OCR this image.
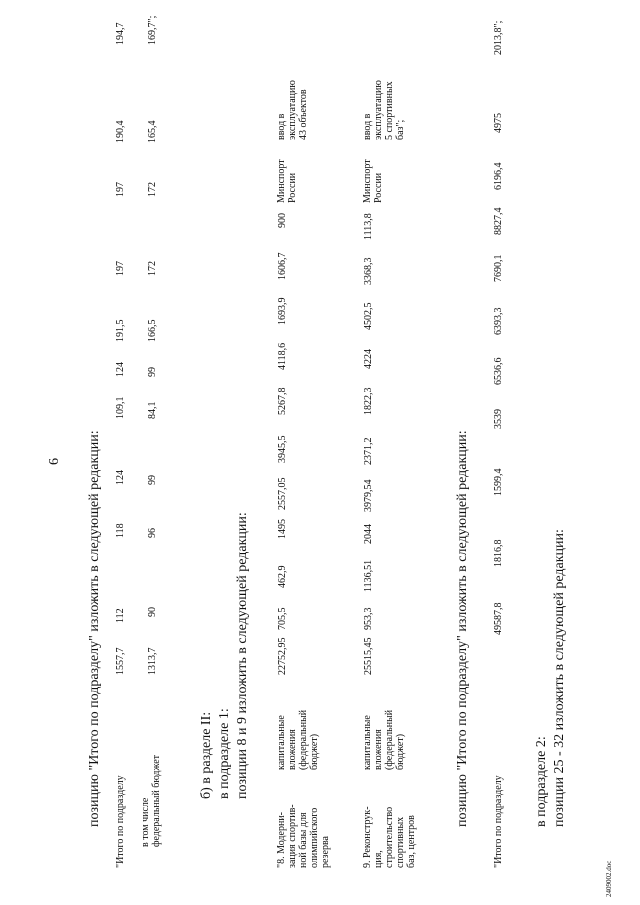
6 позицию "Итого по подразделу" изложить в следующей редакции: "Итого по подразделу
1557,7
112
118
124
109,1
124
191,5
197
197
190,4
194,7
в том числе федеральный бюджет
1313,7
90
96
99
84,1
99
166,5
172
172
165,4
169,7";
б) в разделе II: в подразделе 1: позиции 8 и 9 изложить в следующей редакции:
"8. Модерни- зация спортив- ной базы для олимпийского резерва
капитальные вложения (федеральный бюджет)
22752,95
705,5
462,9
1495
2557,05
3945,5
5267,8
4118,6
1693,9
1606,7
900
Минспорт России
ввод в эксплуатацию 43 объектов
9. Реконструк- ция, строительство спортивных баз, центров
капитальные вложения (федеральный бюджет)
25515,45
953,3
1136,51
2044
3979,54
2371,2
1822,3
4224
4502,5
3368,3
1113,8
Минспорт России
ввод в эксплуатацию 5 спортивных баз";
позицию "Итого по подразделу" изложить в следующей редакции: "Итого по подразделу
49587,8
1816,8
1599,4
3539
6536,6
6393,3
7690,1
8827,4
6196,4
4975
2013,8";
в подразделе 2: позиции 25 - 32 изложить в следующей редакции:
2409002.doc
